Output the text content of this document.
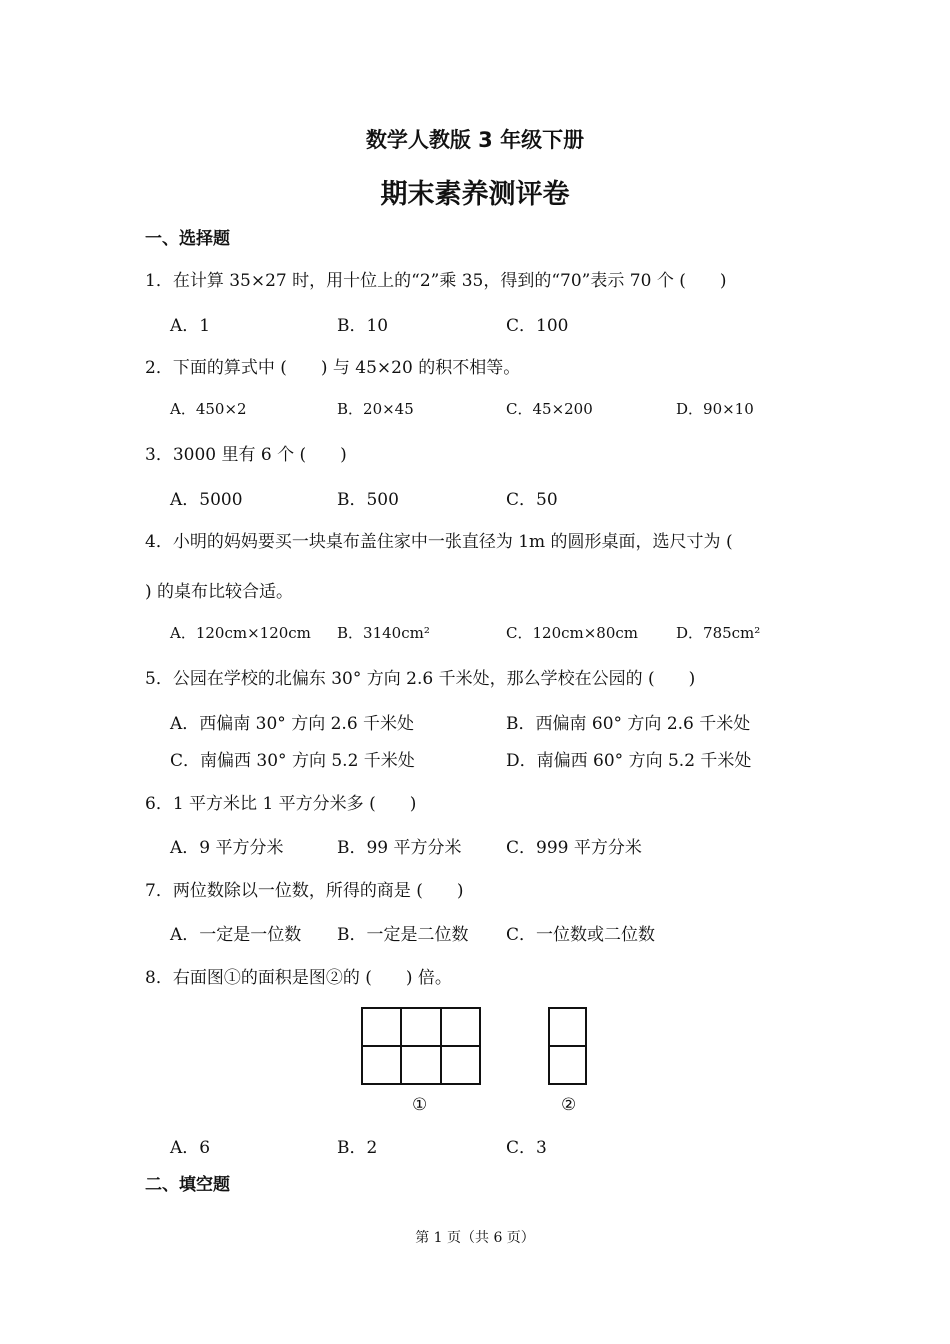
数学人教版 3 年级下册
期末素养测评卷
一、选择题
1．在计算 35×27 时，用十位上的“2”乘 35，得到的“70”表示 70 个 (　　)
A．1	B．10	C．100
2．下面的算式中 (　　) 与 45×20 的积不相等。
A．450×2	B．20×45	C．45×200	D．90×10
3．3000 里有 6 个 (　　)
A．5000	B．500	C．50
4．小明的妈妈要买一块桌布盖住家中一张直径为 1m 的圆形桌面，选尺寸为 (
) 的桌布比较合适。
A．120cm×120cm B．3140cm²	C．120cm×80cm	D．785cm²
5．公园在学校的北偏东 30° 方向 2.6 千米处，那么学校在公园的 (　　)
A．西偏南 30° 方向 2.6 千米处	B．西偏南 60° 方向 2.6 千米处
C．南偏西 30° 方向 5.2 千米处	D．南偏西 60° 方向 5.2 千米处
6．1 平方米比 1 平方分米多 (　　)
A．9 平方分米	B．99 平方分米	C．999 平方分米
7．两位数除以一位数，所得的商是 (　　)
A．一定是一位数 B．一定是二位数 C．一位数或二位数
8．右面图①的面积是图②的 (　　) 倍。
①	②
A．6	B．2	C．3
二、填空题
第 1 页（共 6 页）
